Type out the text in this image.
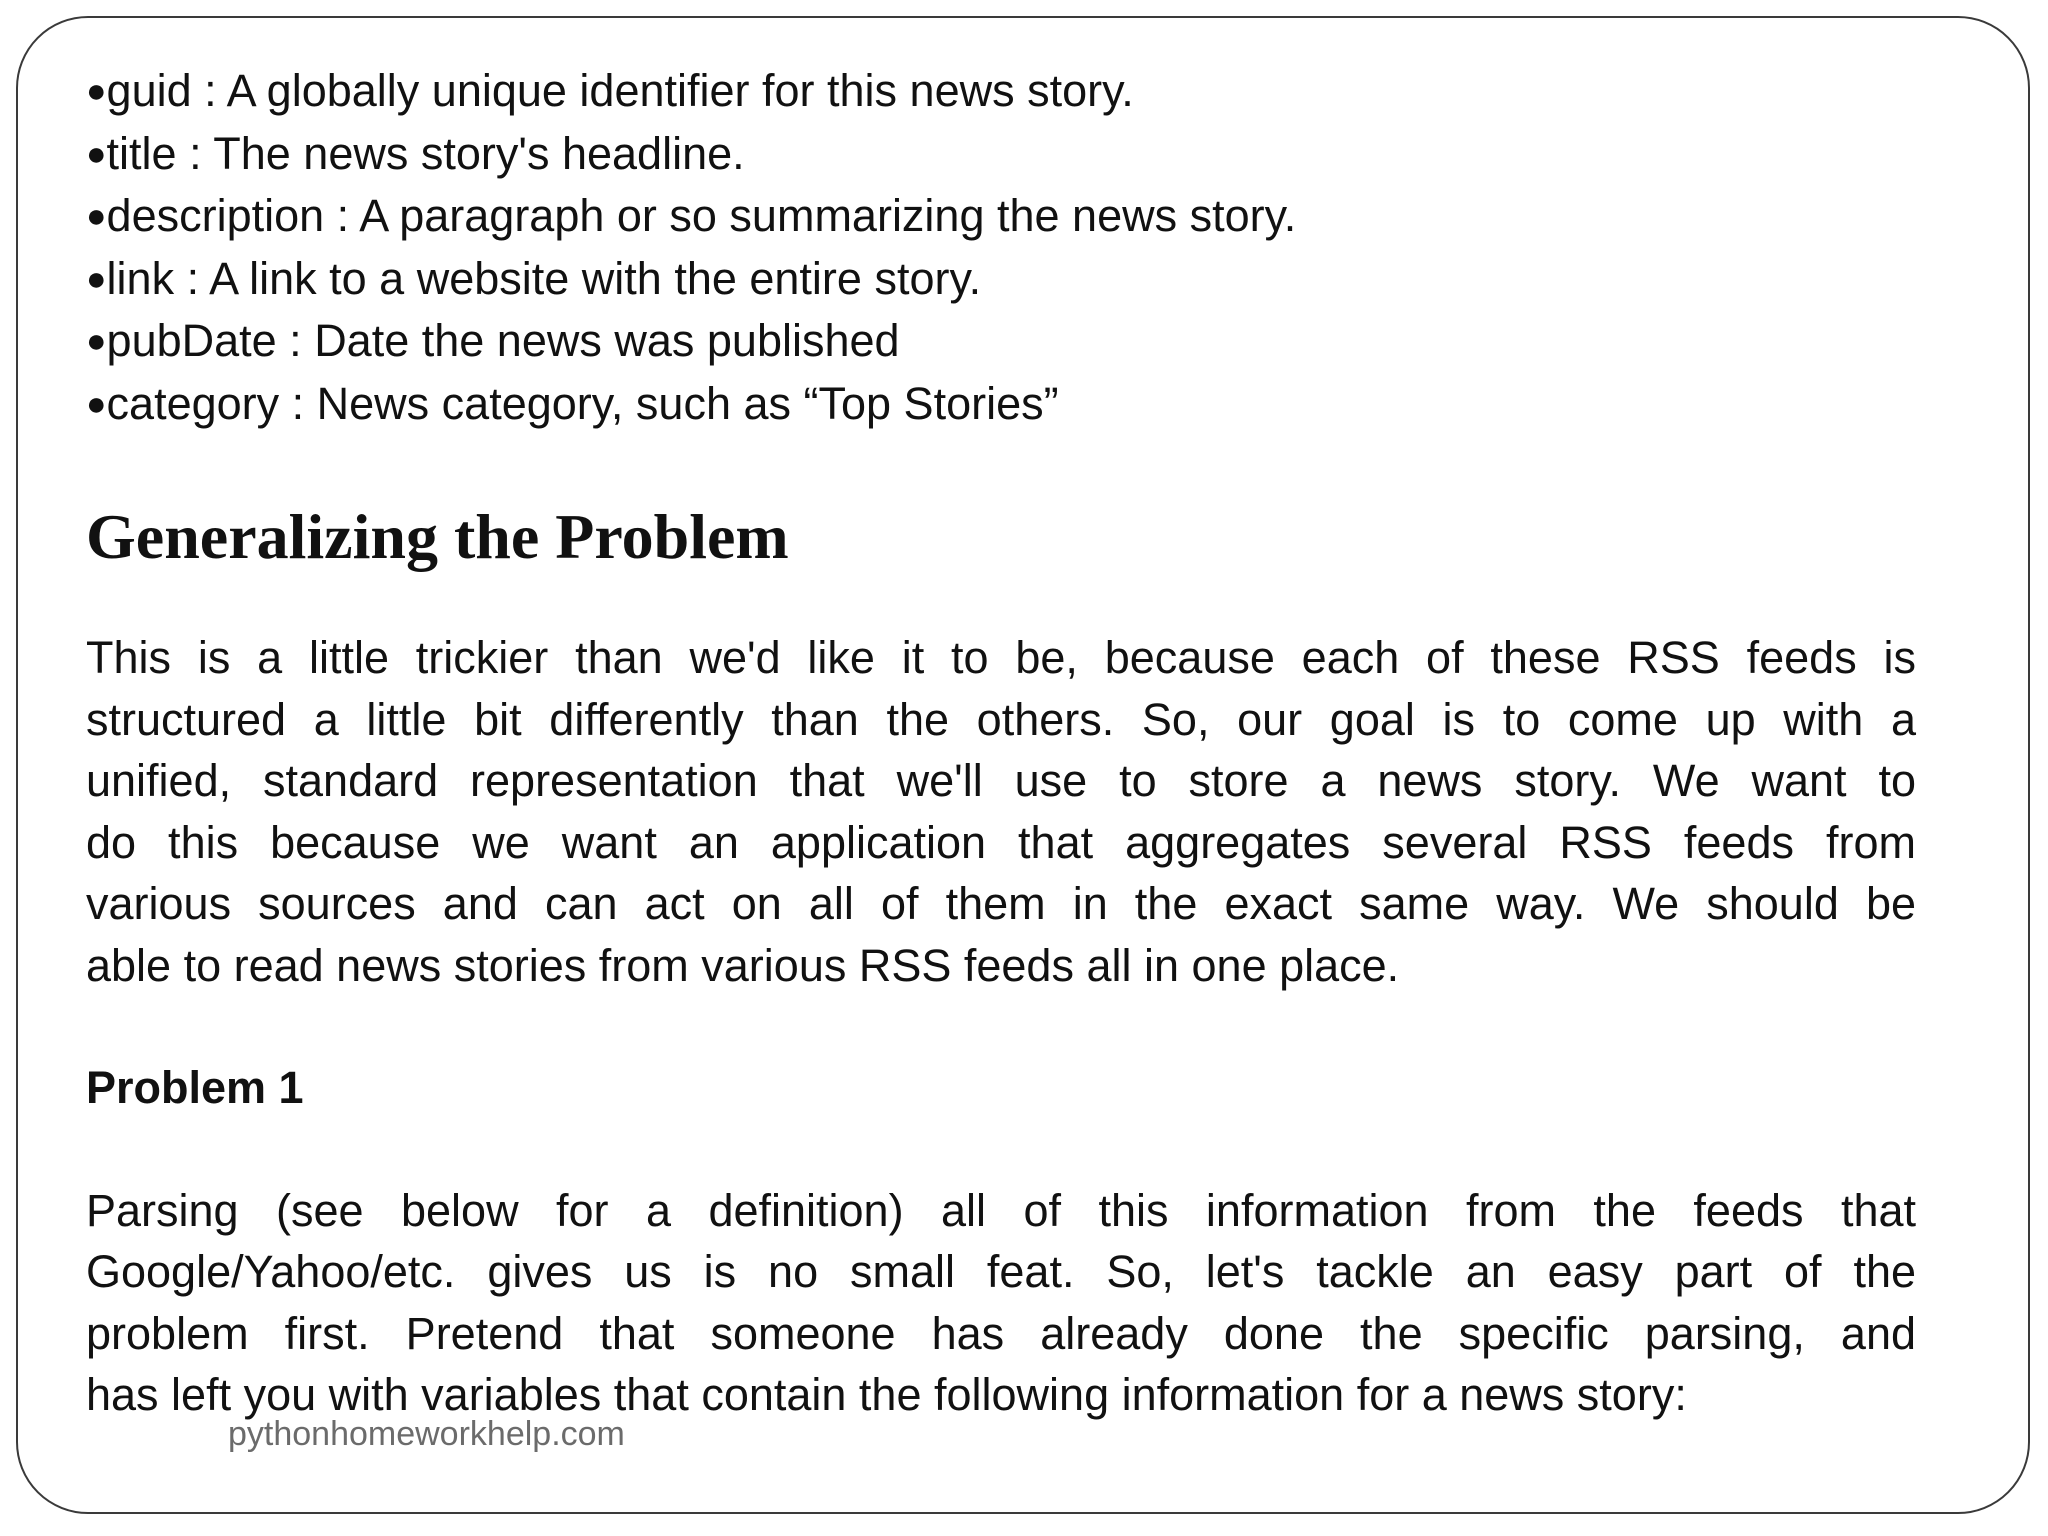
●guid : A globally unique identifier for this news story.
●title : The news story's headline.
●description : A paragraph or so summarizing the news story.
●link : A link to a website with the entire story.
●pubDate : Date the news was published
●category : News category, such as “Top Stories”
Generalizing the Problem

This is a little trickier than we'd like it to be, because each of these RSS feeds is
structured a little bit differently than the others. So, our goal is to come up with a
unified, standard representation that we'll use to store a news story. We want to
do this because we want an application that aggregates several RSS feeds from
various sources and can act on all of them in the exact same way. We should be
able to read news stories from various RSS feeds all in one place.

Problem 1

Parsing (see below for a definition) all of this information from the feeds that
Google/Yahoo/etc. gives us is no small feat. So, let's tackle an easy part of the
problem first. Pretend that someone has already done the specific parsing, and
has left you with variables that contain the following information for a news story:

pythonhomeworkhelp.com
